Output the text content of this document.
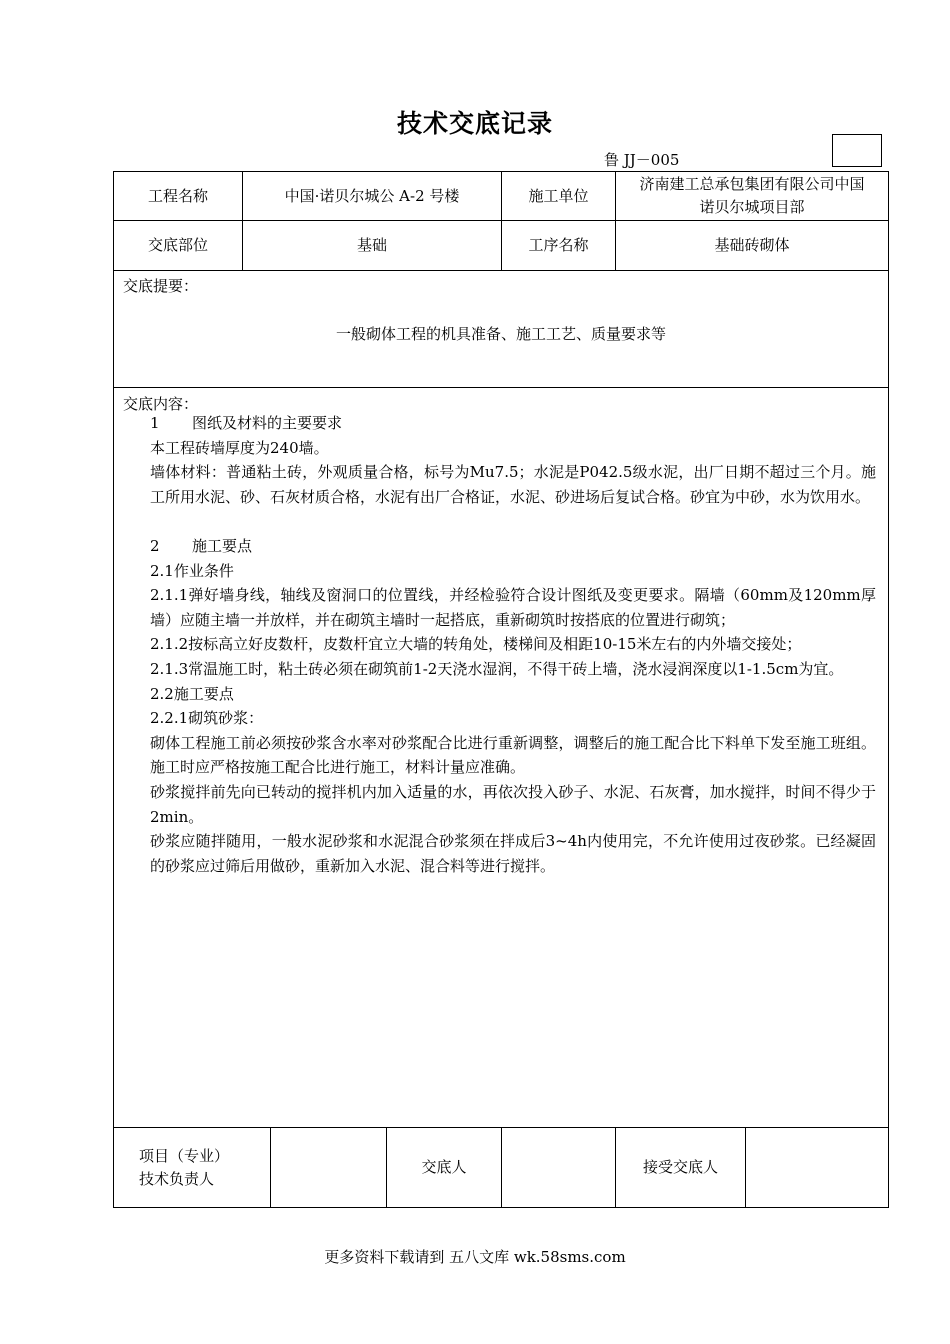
技术交底记录
鲁 JJ－005
工程名称	中国·诺贝尔城公 A-2 号楼	施工单位
济南建工总承包集团有限公司中国
诺贝尔城项目部
交底部位	基础	工序名称	基础砖砌体
交底提要：
一般砌体工程的机具准备、施工工艺、质量要求等
交底内容：

1 图纸及材料的主要要求

本工程砖墙厚度为240墙。

墙体材料：普通粘土砖，外观质量合格，标号为Mu7.5；水泥是P042.5级水泥，出厂日期不超过三个月。施工所用水泥、砂、石灰材质合格，水泥有出厂合格证，水泥、砂进场后复试合格。砂宜为中砂，水为饮用水。

2 施工要点

2.1作业条件

2.1.1弹好墙身线，轴线及窗洞口的位置线，并经检验符合设计图纸及变更要求。隔墙（60mm及120mm厚墙）应随主墙一并放样，并在砌筑主墙时一起搭底，重新砌筑时按搭底的位置进行砌筑；

2.1.2按标高立好皮数杆，皮数杆宜立大墙的转角处，楼梯间及相距10-15米左右的内外墙交接处；

2.1.3常温施工时，粘土砖必须在砌筑前1-2天浇水湿润，不得干砖上墙，浇水浸润深度以1-1.5cm为宜。

2.2施工要点

2.2.1砌筑砂浆：

砌体工程施工前必须按砂浆含水率对砂浆配合比进行重新调整，调整后的施工配合比下料单下发至施工班组。施工时应严格按施工配合比进行施工，材料计量应准确。

砂浆搅拌前先向已转动的搅拌机内加入适量的水，再依次投入砂子、水泥、石灰膏，加水搅拌，时间不得少于2min。

砂浆应随拌随用，一般水泥砂浆和水泥混合砂浆须在拌成后3~4h内使用完，不允许使用过夜砂浆。已经凝固的砂浆应过筛后用做砂，重新加入水泥、混合料等进行搅拌。

项目（专业）
技术负责人
交底人	接受交底人
更多资料下载请到 五八文库 wk.58sms.com
